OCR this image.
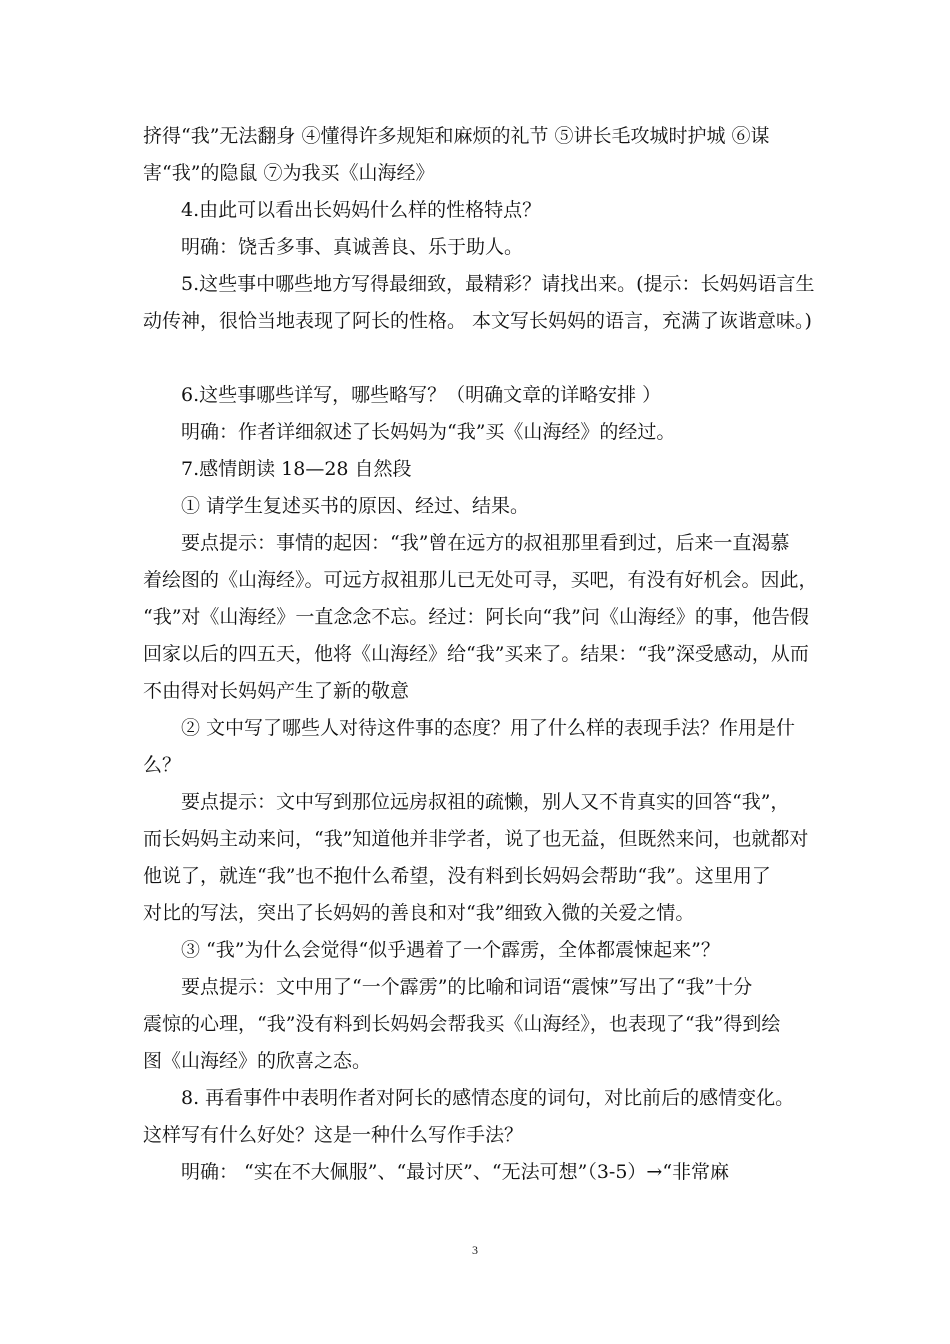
挤得“我”无法翻身 ④懂得许多规矩和麻烦的礼节 ⑤讲长毛攻城时护城 ⑥谋
害“我”的隐鼠 ⑦为我买《山海经》
4.由此可以看出长妈妈什么样的性格特点？
明确：饶舌多事、真诚善良、乐于助人。
5.这些事中哪些地方写得最细致，最精彩？请找出来。(提示：长妈妈语言生
动传神，很恰当地表现了阿长的性格。 本文写长妈妈的语言，充满了诙谐意味。)
6.这些事哪些详写，哪些略写？（明确文章的详略安排 ）
明确：作者详细叙述了长妈妈为“我”买《山海经》的经过。
7.感情朗读 18—28 自然段
① 请学生复述买书的原因、经过、结果。
要点提示：事情的起因：“我”曾在远方的叔祖那里看到过，后来一直渴慕
着绘图的《山海经》。可远方叔祖那儿已无处可寻，买吧，有没有好机会。因此，
“我”对《山海经》一直念念不忘。经过：阿长向“我”问《山海经》的事，他告假
回家以后的四五天，他将《山海经》给“我”买来了。结果：“我”深受感动，从而
不由得对长妈妈产生了新的敬意
② 文中写了哪些人对待这件事的态度？用了什么样的表现手法？作用是什
么？
要点提示：文中写到那位远房叔祖的疏懒，别人又不肯真实的回答“我”，
而长妈妈主动来问，“我”知道他并非学者，说了也无益，但既然来问，也就都对
他说了，就连“我”也不抱什么希望，没有料到长妈妈会帮助“我”。这里用了
对比的写法，突出了长妈妈的善良和对“我”细致入微的关爱之情。
③ “我”为什么会觉得“似乎遇着了一个霹雳，全体都震悚起来”？
要点提示：文中用了“一个霹雳”的比喻和词语“震悚”写出了“我”十分
震惊的心理，“我”没有料到长妈妈会帮我买《山海经》，也表现了“我”得到绘
图《山海经》的欣喜之态。
8. 再看事件中表明作者对阿长的感情态度的词句，对比前后的感情变化。
这样写有什么好处？这是一种什么写作手法？
明确： “实在不大佩服”、“最讨厌”、“无法可想”（3-5）→“非常麻
3
